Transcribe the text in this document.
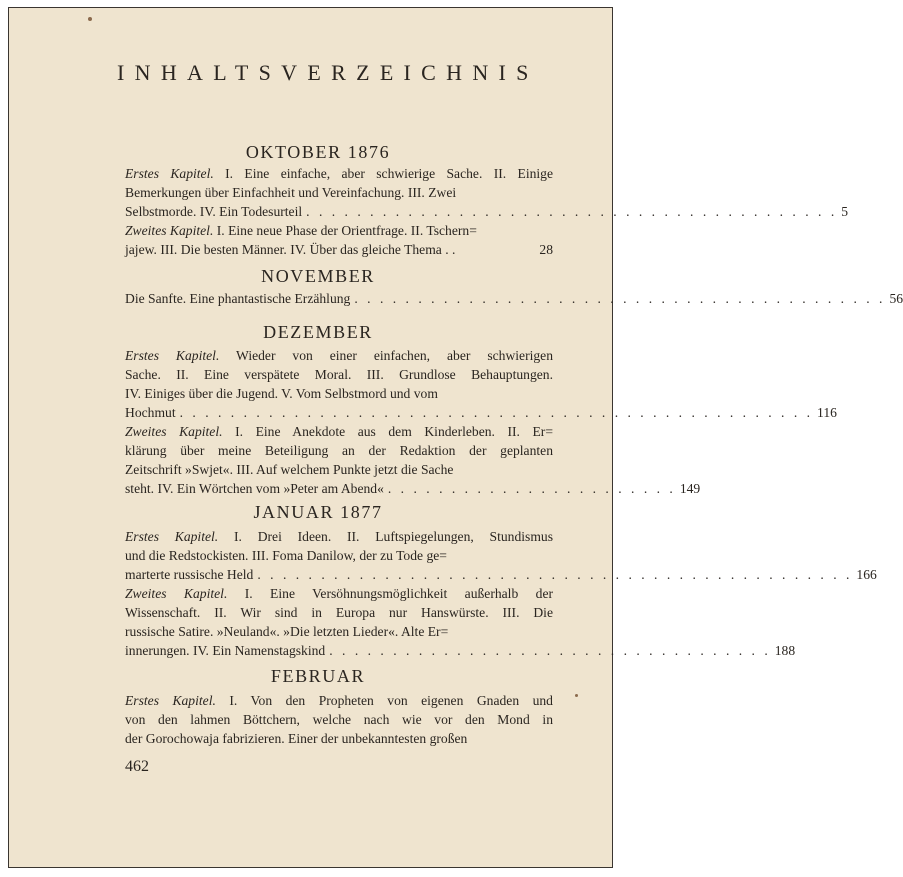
INHALTSVERZEICHNIS
OKTOBER 1876
Erstes Kapitel. I. Eine einfache, aber schwierige Sache. II. Einige
Bemerkungen über Einfachheit und Vereinfachung. III. Zwei
Selbstmorde. IV. Ein Todesurteil . . . . . . . . . . . . . . . . . . . . . . . . . . . . . . . . . . . . . . . . . . 5
Zweites Kapitel. I. Eine neue Phase der Orientfrage. II. Tschern=
jajew. III. Die besten Männer. IV. Über das gleiche Thema . .	28
NOVEMBER
Die Sanfte. Eine phantastische Erzählung . . . . . . . . . . . . . . . . . . . . . . . . . . . . . . . . . . . . . . . . . . 56
DEZEMBER
Erstes Kapitel. Wieder von einer einfachen, aber schwierigen
Sache. II. Eine verspätete Moral. III. Grundlose Behauptungen.
IV. Einiges über die Jugend. V. Vom Selbstmord und vom
Hochmut . . . . . . . . . . . . . . . . . . . . . . . . . . . . . . . . . . . . . . . . . . . . . . . . . . 116
Zweites Kapitel. I. Eine Anekdote aus dem Kinderleben. II. Er=
klärung über meine Beteiligung an der Redaktion der geplanten
Zeitschrift »Swjet«. III. Auf welchem Punkte jetzt die Sache
steht. IV. Ein Wörtchen vom »Peter am Abend« . . . . . . . . . . . . . . . . . . . . . . . 149
JANUAR 1877
Erstes Kapitel. I. Drei Ideen. II. Luftspiegelungen, Stundismus
und die Redstockisten. III. Foma Danilow, der zu Tode ge=
marterte russische Held . . . . . . . . . . . . . . . . . . . . . . . . . . . . . . . . . . . . . . . . . . . . . . . 166
Zweites Kapitel. I. Eine Versöhnungsmöglichkeit außerhalb der
Wissenschaft. II. Wir sind in Europa nur Hanswürste. III. Die
russische Satire. »Neuland«. »Die letzten Lieder«. Alte Er=
innerungen. IV. Ein Namenstagskind . . . . . . . . . . . . . . . . . . . . . . . . . . . . . . . . . . . 188
FEBRUAR
Erstes Kapitel. I. Von den Propheten von eigenen Gnaden und
von den lahmen Böttchern, welche nach wie vor den Mond in
der Gorochowaja fabrizieren. Einer der unbekanntesten großen
462
